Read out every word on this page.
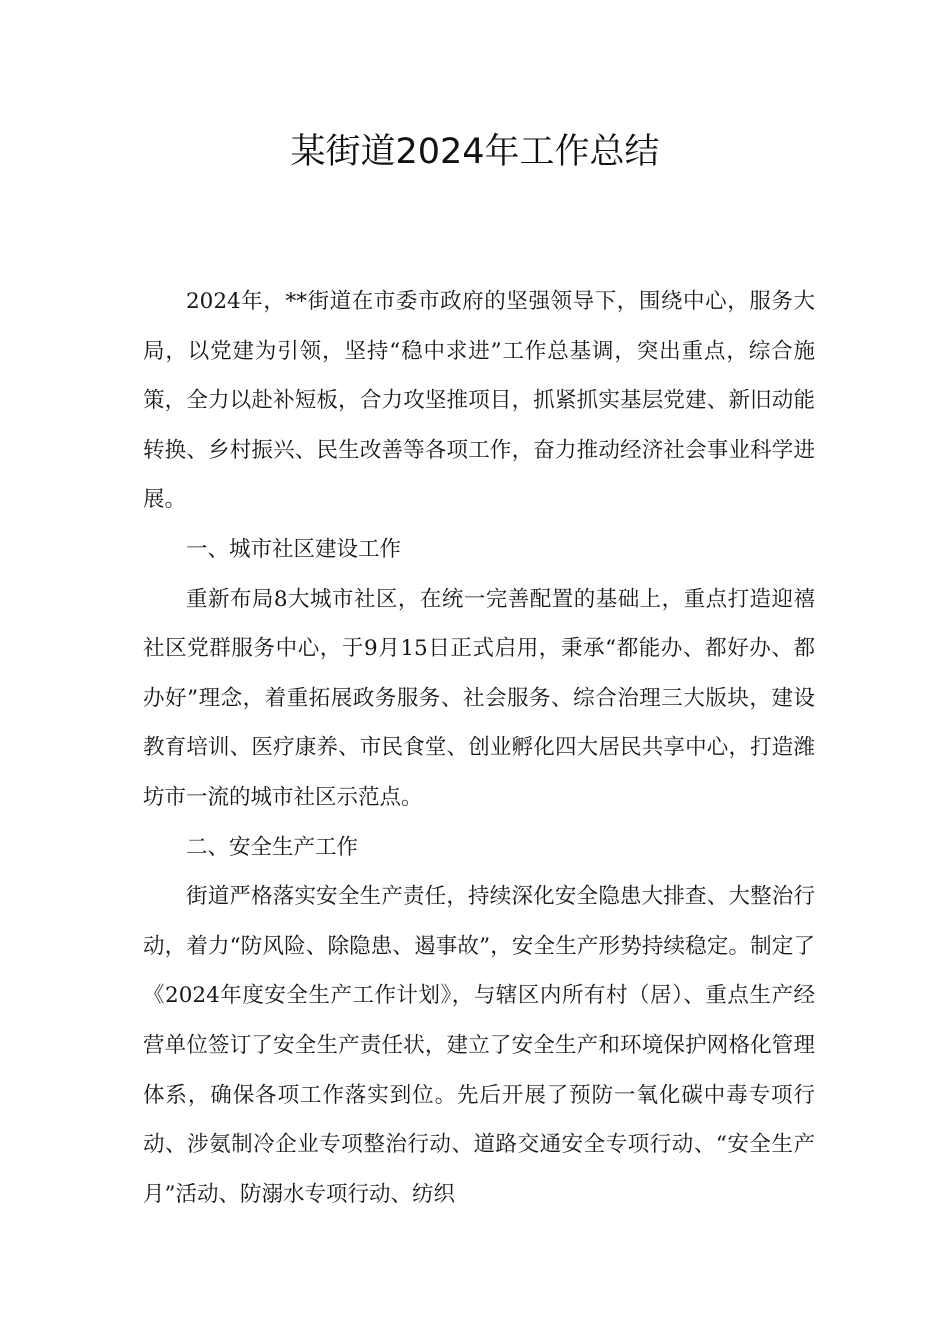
某街道2024年工作总结

2024年，**街道在市委市政府的坚强领导下，围绕中心，服务大局，以党建为引领，坚持“稳中求进”工作总基调，突出重点，综合施策，全力以赴补短板，合力攻坚推项目，抓紧抓实基层党建、新旧动能转换、乡村振兴、民生改善等各项工作，奋力推动经济社会事业科学进展。

一、城市社区建设工作

重新布局8大城市社区，在统一完善配置的基础上，重点打造迎禧社区党群服务中心，于9月15日正式启用，秉承“都能办、都好办、都办好”理念，着重拓展政务服务、社会服务、综合治理三大版块，建设教育培训、医疗康养、市民食堂、创业孵化四大居民共享中心，打造潍坊市一流的城市社区示范点。

二、安全生产工作

街道严格落实安全生产责任，持续深化安全隐患大排查、大整治行动，着力“防风险、除隐患、遏事故”，安全生产形势持续稳定。制定了《2024年度安全生产工作计划》，与辖区内所有村（居）、重点生产经营单位签订了安全生产责任状，建立了安全生产和环境保护网格化管理体系，确保各项工作落实到位。先后开展了预防一氧化碳中毒专项行动、涉氨制冷企业专项整治行动、道路交通安全专项行动、“安全生产月”活动、防溺水专项行动、纺织
